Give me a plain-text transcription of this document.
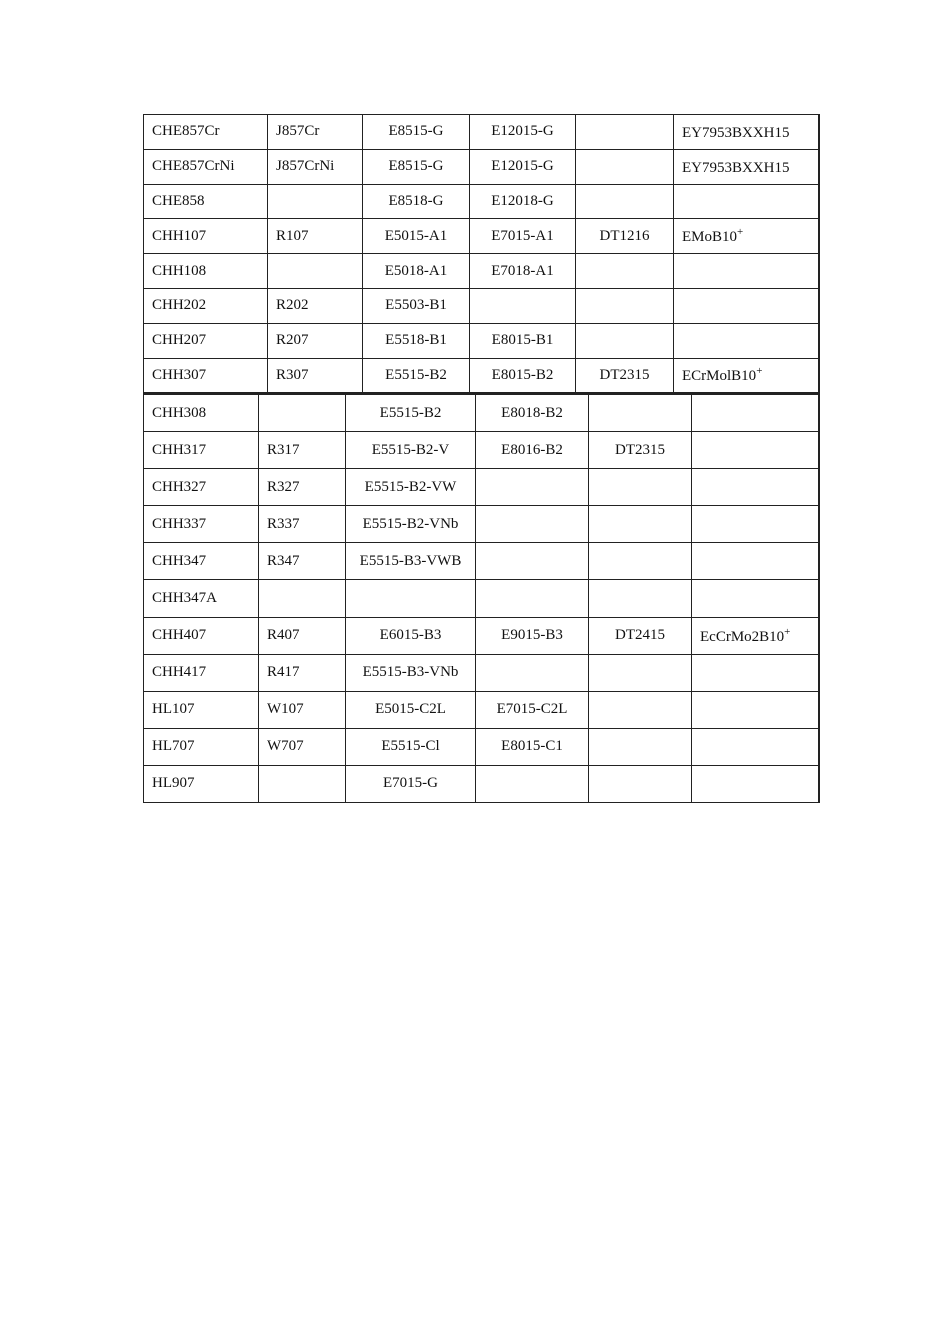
CHE857Cr	J857Cr	E8515-G	E12015-G		EY7953BXXH15
CHE857CrNi	J857CrNi	E8515-G	E12015-G		EY7953BXXH15
CHE858		E8518-G	E12018-G		
CHH107	R107	E5015-A1	E7015-A1	DT1216	EMoB10+
CHH108		E5018-A1	E7018-A1		
CHH202	R202	E5503-B1			
CHH207	R207	E5518-B1	E8015-B1		
CHH307	R307	E5515-B2	E8015-B2	DT2315	ECrMolB10+
CHH308		E5515-B2	E8018-B2		
CHH317	R317	E5515-B2-V	E8016-B2	DT2315	
CHH327	R327	E5515-B2-VW			
CHH337	R337	E5515-B2-VNb			
CHH347	R347	E5515-B3-VWB			
CHH347A					
CHH407	R407	E6015-B3	E9015-B3	DT2415	EcCrMo2B10+
CHH417	R417	E5515-B3-VNb			
HL107	W107	E5015-C2L	E7015-C2L		
HL707	W707	E5515-Cl	E8015-C1		
HL907		E7015-G			
